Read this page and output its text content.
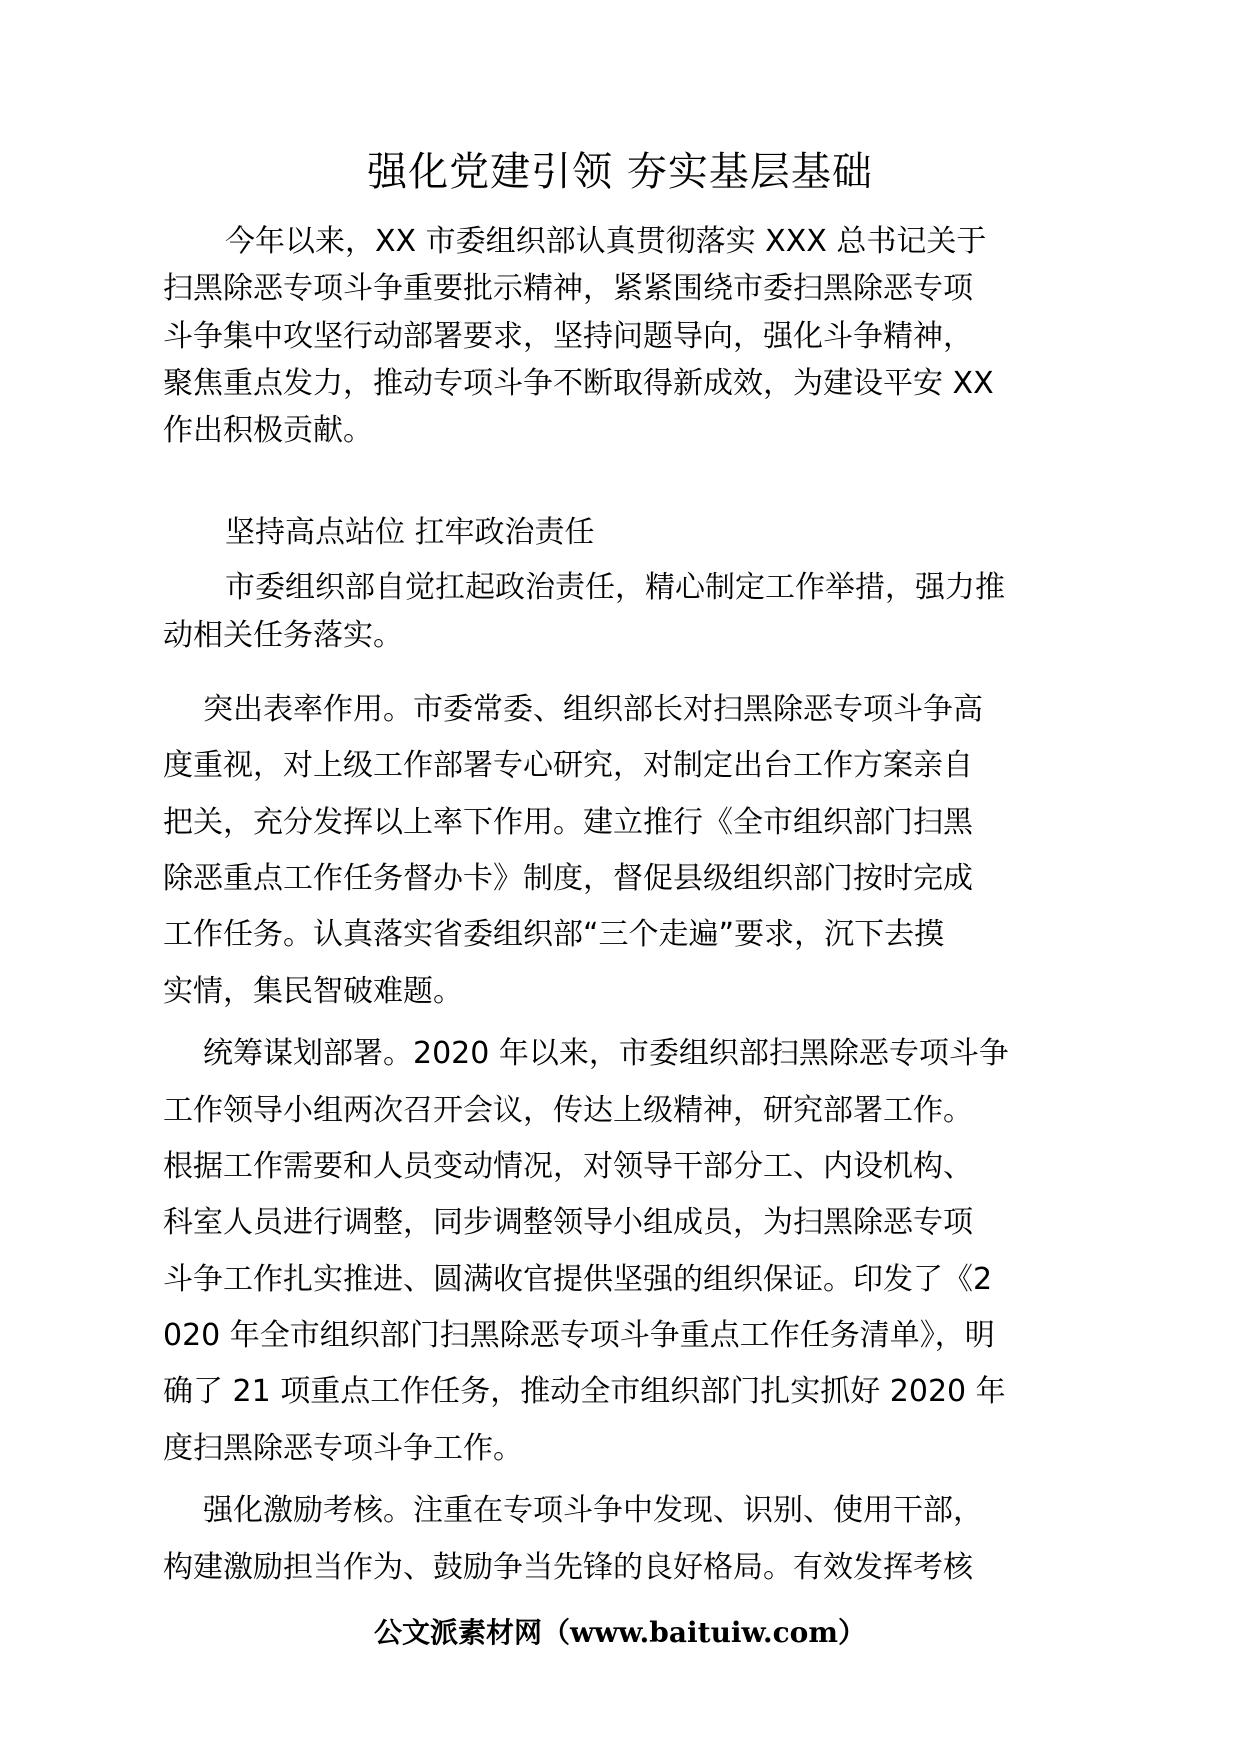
强化党建引领 夯实基层基础
今年以来，XX 市委组织部认真贯彻落实 XXX 总书记关于
扫黑除恶专项斗争重要批示精神，紧紧围绕市委扫黑除恶专项
斗争集中攻坚行动部署要求，坚持问题导向，强化斗争精神，
聚焦重点发力，推动专项斗争不断取得新成效，为建设平安 XX
作出积极贡献。
坚持高点站位 扛牢政治责任
市委组织部自觉扛起政治责任，精心制定工作举措，强力推
动相关任务落实。
突出表率作用。市委常委、组织部长对扫黑除恶专项斗争高
度重视，对上级工作部署专心研究，对制定出台工作方案亲自
把关，充分发挥以上率下作用。建立推行《全市组织部门扫黑
除恶重点工作任务督办卡》制度，督促县级组织部门按时完成
工作任务。认真落实省委组织部“三个走遍”要求，沉下去摸
实情，集民智破难题。
统筹谋划部署。2020 年以来，市委组织部扫黑除恶专项斗争
工作领导小组两次召开会议，传达上级精神，研究部署工作。
根据工作需要和人员变动情况，对领导干部分工、内设机构、
科室人员进行调整，同步调整领导小组成员，为扫黑除恶专项
斗争工作扎实推进、圆满收官提供坚强的组织保证。印发了《2
020 年全市组织部门扫黑除恶专项斗争重点工作任务清单》，明
确了 21 项重点工作任务，推动全市组织部门扎实抓好 2020 年
度扫黑除恶专项斗争工作。
强化激励考核。注重在专项斗争中发现、识别、使用干部，
构建激励担当作为、鼓励争当先锋的良好格局。有效发挥考核
公文派素材网（www.baituiw.com）
